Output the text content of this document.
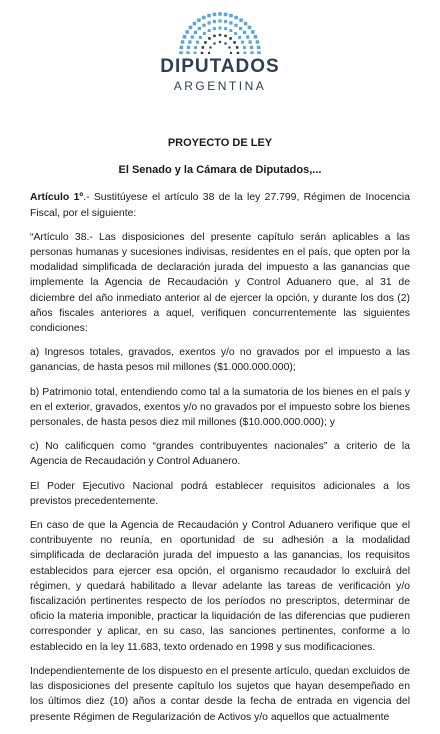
DIPUTADOS
ARGENTINA
PROYECTO DE LEY
El Senado y la Cámara de Diputados,...

Artículo 1º.- Sustitúyese el artículo 38 de la ley 27.799, Régimen de Inocencia Fiscal, por el siguiente:

“Artículo 38.- Las disposiciones del presente capítulo serán aplicables a las personas humanas y sucesiones indivisas, residentes en el país, que opten por la modalidad simplificada de declaración jurada del impuesto a las ganancias que implemente la Agencia de Recaudación y Control Aduanero que, al 31 de diciembre del año inmediato anterior al de ejercer la opción, y durante los dos (2) años fiscales anteriores a aquel, verifiquen concurrentemente las siguientes condiciones:

a) Ingresos totales, gravados, exentos y/o no gravados por el impuesto a las ganancias, de hasta pesos mil millones ($1.000.000.000);

b) Patrimonio total, entendiendo como tal a la sumatoria de los bienes en el país y en el exterior, gravados, exentos y/o no gravados por el impuesto sobre los bienes personales, de hasta pesos diez mil millones ($10.000.000.000); y

c) No calificquen como “grandes contribuyentes nacionales” a criterio de la Agencia de Recaudación y Control Aduanero.

El Poder Ejecutivo Nacional podrá establecer requisitos adicionales a los previstos precedentemente.

En caso de que la Agencia de Recaudación y Control Aduanero verifique que el contribuyente no reunía, en oportunidad de su adhesión a la modalidad simplificada de declaración jurada del impuesto a las ganancias, los requisitos establecidos para ejercer esa opción, el organismo recaudador lo excluirá del régimen, y quedará habilitado a llevar adelante las tareas de verificación y/o fiscalización pertinentes respecto de los períodos no prescriptos, determinar de oficio la materia imponible, practicar la liquidación de las diferencias que pudieren corresponder y aplicar, en su caso, las sanciones pertinentes, conforme a lo establecido en la ley 11.683, texto ordenado en 1998 y sus modificaciones.

Independientemente de los dispuesto en el presente artículo, quedan excluidos de las disposiciones del presente capítulo los sujetos que hayan desempeñado en los últimos diez (10) años a contar desde la fecha de entrada en vigencia del presente Régimen de Regularización de Activos y/o aquellos que actualmente
